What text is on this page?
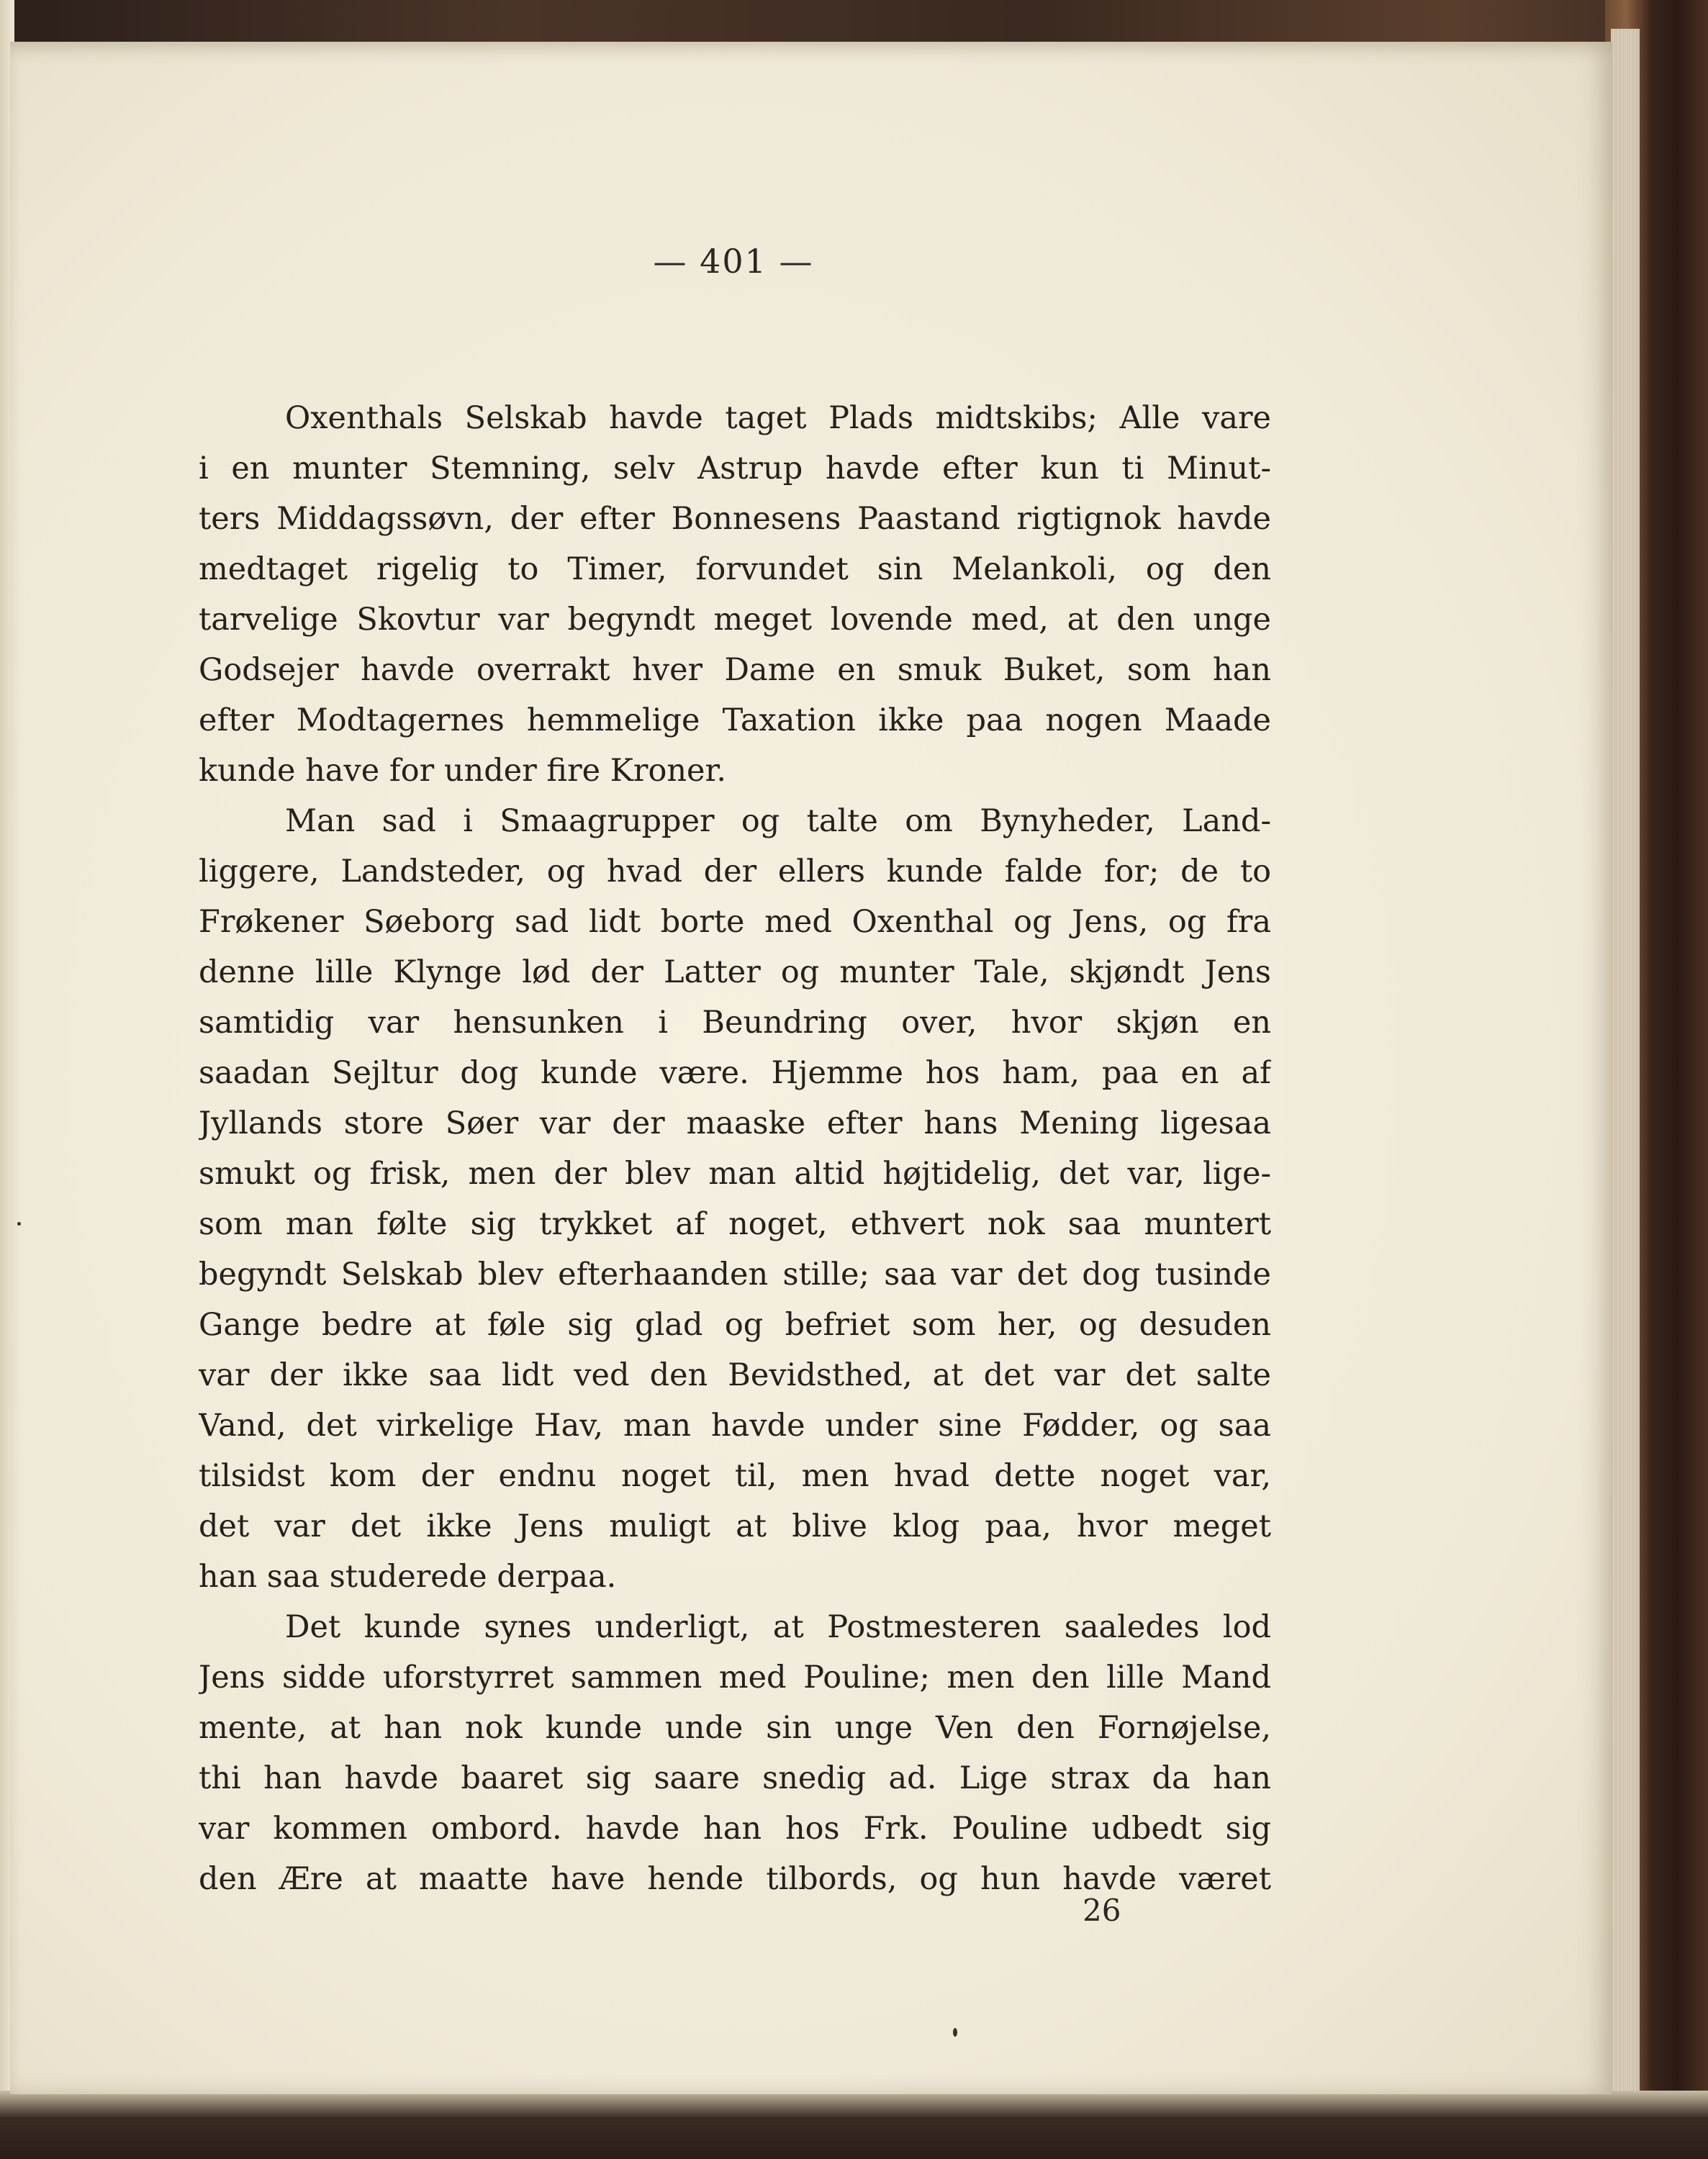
— 401 —
Oxenthals Selskab havde taget Plads midtskibs; Alle vare
i en munter Stemning, selv Astrup havde efter kun ti Minut-
ters Middagssøvn, der efter Bonnesens Paastand rigtignok havde
medtaget rigelig to Timer, forvundet sin Melankoli, og den
tarvelige Skovtur var begyndt meget lovende med, at den unge
Godsejer havde overrakt hver Dame en smuk Buket, som han
efter Modtagernes hemmelige Taxation ikke paa nogen Maade
kunde have for under fire Kroner.
Man sad i Smaagrupper og talte om Bynyheder, Land-
liggere, Landsteder, og hvad der ellers kunde falde for; de to
Frøkener Søeborg sad lidt borte med Oxenthal og Jens, og fra
denne lille Klynge lød der Latter og munter Tale, skjøndt Jens
samtidig var hensunken i Beundring over, hvor skjøn en
saadan Sejltur dog kunde være. Hjemme hos ham, paa en af
Jyllands store Søer var der maaske efter hans Mening ligesaa
smukt og frisk, men der blev man altid højtidelig, det var, lige-
som man følte sig trykket af noget, ethvert nok saa muntert
begyndt Selskab blev efterhaanden stille; saa var det dog tusinde
Gange bedre at føle sig glad og befriet som her, og desuden
var der ikke saa lidt ved den Bevidsthed, at det var det salte
Vand, det virkelige Hav, man havde under sine Fødder, og saa
tilsidst kom der endnu noget til, men hvad dette noget var,
det var det ikke Jens muligt at blive klog paa, hvor meget
han saa studerede derpaa.
Det kunde synes underligt, at Postmesteren saaledes lod
Jens sidde uforstyrret sammen med Pouline; men den lille Mand
mente, at han nok kunde unde sin unge Ven den Fornøjelse,
thi han havde baaret sig saare snedig ad. Lige strax da han
var kommen ombord. havde han hos Frk. Pouline udbedt sig
den Ære at maatte have hende tilbords, og hun havde været
26
